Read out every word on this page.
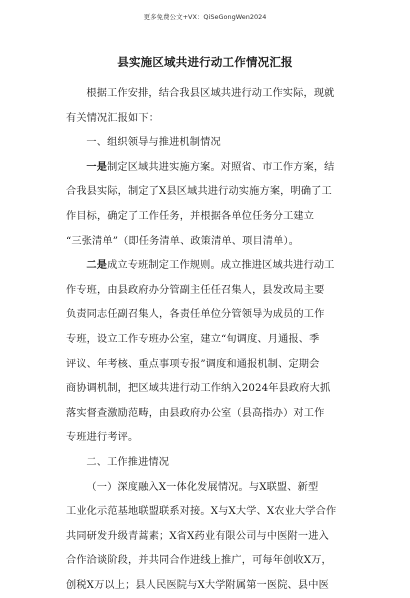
更多免费公文+VX：QiSeGongWen2024
县实施区域共进行动工作情况汇报
根据工作安排，结合我县区域共进行动工作实际，现就
有关情况汇报如下：
一、组织领导与推进机制情况
一是制定区域共进实施方案。对照省、市工作方案，结
合我县实际，制定了X县区域共进行动实施方案，明确了工
作目标，确定了工作任务，并根据各单位任务分工建立
“三张清单”（即任务清单、政策清单、项目清单）。
二是成立专班制定工作规则。成立推进区域共进行动工
作专班，由县政府办分管副主任任召集人，县发改局主要
负责同志任副召集人，各责任单位分管领导为成员的工作
专班，设立工作专班办公室，建立“旬调度、月通报、季
评议、年考核、重点事项专报”调度和通报机制、定期会
商协调机制，把区域共进行动工作纳入2024年县政府大抓
落实督查激励范畴，由县政府办公室（县高指办）对工作
专班进行考评。
二、工作推进情况
（一）深度融入X一体化发展情况。与X联盟、新型
工业化示范基地联盟联系对接。X与X大学、X农业大学合作
共同研发升级青蒿素；X省X药业有限公司与中医附一进入
合作洽谈阶段，并共同合作进线上推广，可每年创收X万，
创税X万以上；县人民医院与X大学附属第一医院、县中医
